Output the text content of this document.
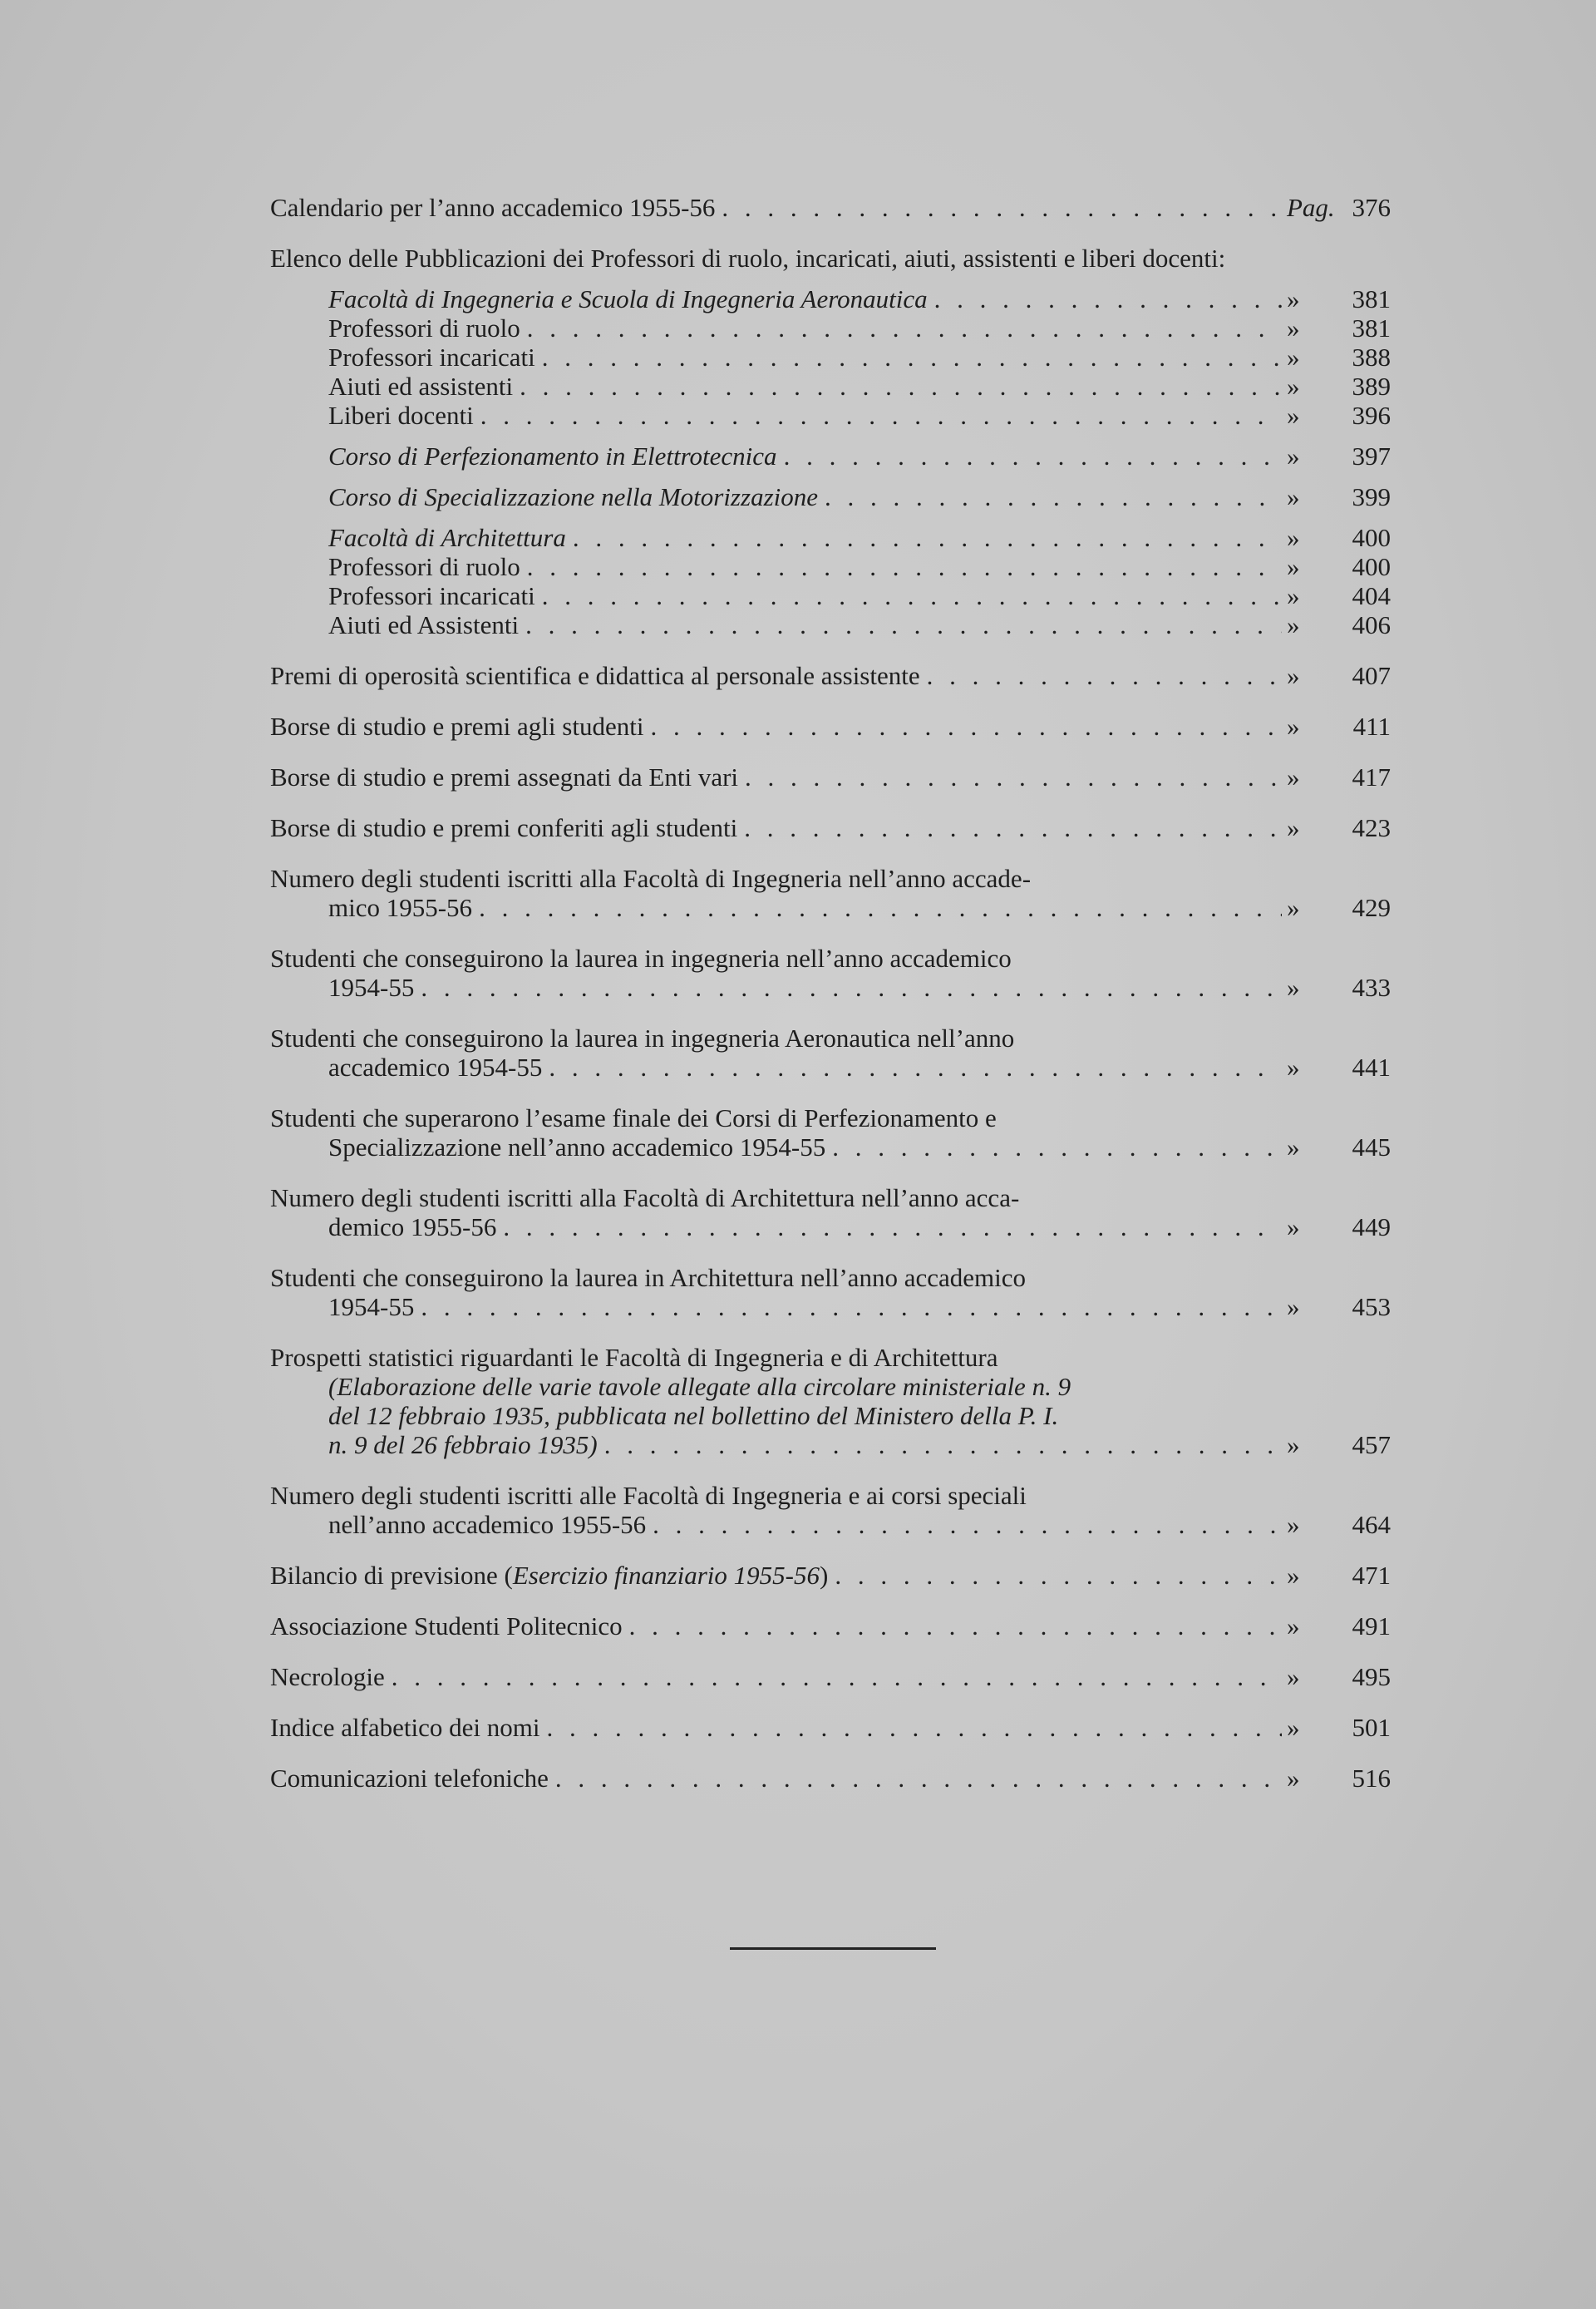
Calendario per l’anno accademico 1955-56 . . .	Pag. 376
Elenco delle Pubblicazioni dei Professori di ruolo, incaricati, aiuti, assistenti e liberi docenti:
Facoltà di Ingegneria e Scuola di Ingegneria Aeronautica . . .	»	381
Professori di ruolo . . .	»	381
Professori incaricati . . .	»	388
Aiuti ed assistenti . . .	»	389
Liberi docenti . . .	»	396
Corso di Perfezionamento in Elettrotecnica . . .	»	397
Corso di Specializzazione nella Motorizzazione . . .	»	399
Facoltà di Architettura . . .	»	400
Professori di ruolo . . .	»	400
Professori incaricati . . .	»	404
Aiuti ed Assistenti . . .	»	406
Premi di operosità scientifica e didattica al personale assistente . . .	»	407
Borse di studio e premi agli studenti . . .	»	411
Borse di studio e premi assegnati da Enti vari . . .	»	417
Borse di studio e premi conferiti agli studenti . . .	»	423
Numero degli studenti iscritti alla Facoltà di Ingegneria nell’anno accade-
mico 1955-56 . . .	»	429
Studenti che conseguirono la laurea in ingegneria nell’anno accademico
1954-55 . . .	»	433
Studenti che conseguirono la laurea in ingegneria Aeronautica nell’anno
accademico 1954-55 . . .	»	441
Studenti che superarono l’esame finale dei Corsi di Perfezionamento e
Specializzazione nell’anno accademico 1954-55 . . .	»	445
Numero degli studenti iscritti alla Facoltà di Architettura nell’anno acca-
demico 1955-56 . . .	»	449
Studenti che conseguirono la laurea in Architettura nell’anno accademico
1954-55 . . .	»	453
Prospetti statistici riguardanti le Facoltà di Ingegneria e di Architettura
(Elaborazione delle varie tavole allegate alla circolare ministeriale n. 9
del 12 febbraio 1935, pubblicata nel bollettino del Ministero della P. I.
n. 9 del 26 febbraio 1935) . . .	»	457
Numero degli studenti iscritti alle Facoltà di Ingegneria e ai corsi speciali
nell’anno accademico 1955-56 . . .	»	464
Bilancio di previsione ( Esercizio finanziario 1955-56 ) . . .	»	471
Associazione Studenti Politecnico . . .	»	491
Necrologie . . .	»	495
Indice alfabetico dei nomi . . .	»	501
Comunicazioni telefoniche . . .	»	516
